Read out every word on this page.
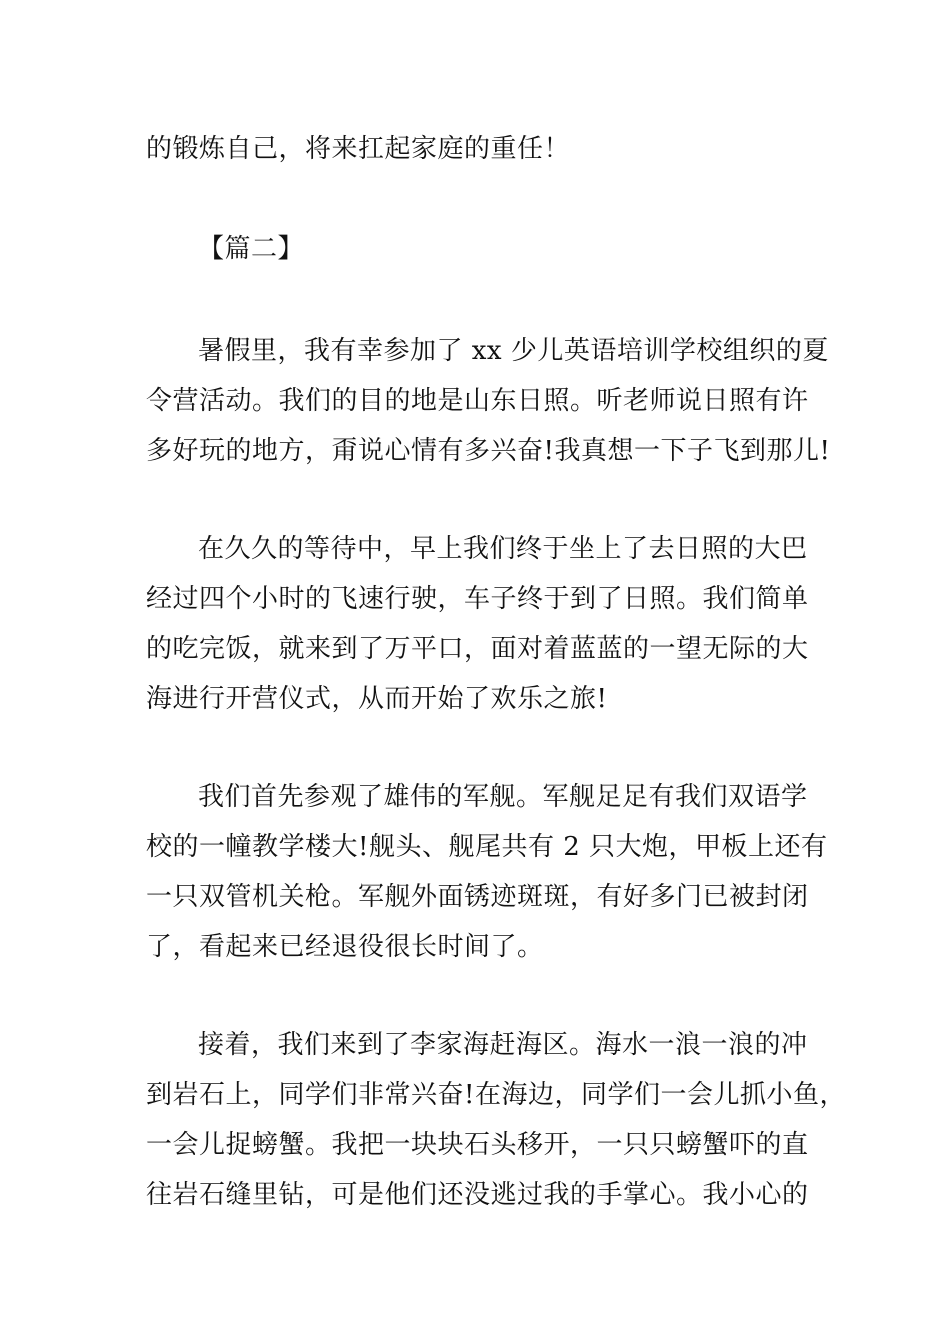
的锻炼自己，将来扛起家庭的重任！
【篇二】
暑假里，我有幸参加了 xx 少儿英语培训学校组织的夏
令营活动。我们的目的地是山东日照。听老师说日照有许
多好玩的地方，甭说心情有多兴奋!我真想一下子飞到那儿!
在久久的等待中，早上我们终于坐上了去日照的大巴
经过四个小时的飞速行驶，车子终于到了日照。我们简单
的吃完饭，就来到了万平口，面对着蓝蓝的一望无际的大
海进行开营仪式，从而开始了欢乐之旅!
我们首先参观了雄伟的军舰。军舰足足有我们双语学
校的一幢教学楼大!舰头、舰尾共有 2 只大炮，甲板上还有
一只双管机关枪。军舰外面锈迹斑斑，有好多门已被封闭
了，看起来已经退役很长时间了。
接着，我们来到了李家海赶海区。海水一浪一浪的冲
到岩石上，同学们非常兴奋!在海边，同学们一会儿抓小鱼，
一会儿捉螃蟹。我把一块块石头移开，一只只螃蟹吓的直
往岩石缝里钻，可是他们还没逃过我的手掌心。我小心的
